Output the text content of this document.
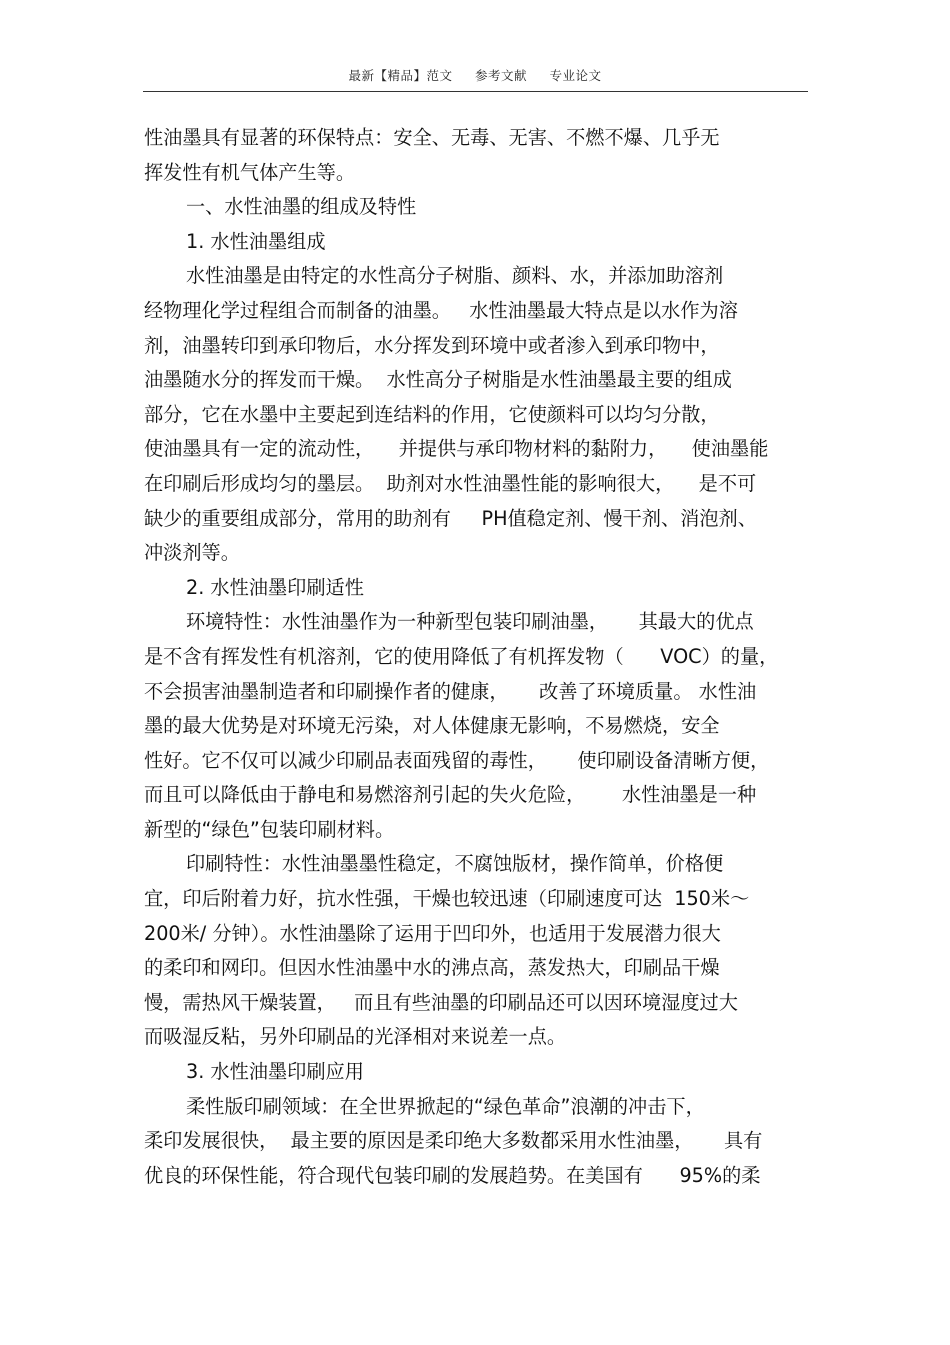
最新【精品】范文 参考文献 专业论文
性油墨具有显著的环保特点：安全、无毒、无害、不燃不爆、几乎无
挥发性有机气体产生等。
一、水性油墨的组成及特性
1. 水性油墨组成
水性油墨是由特定的水性高分子树脂、颜料、水，并添加助溶剂
经物理化学过程组合而制备的油墨。   水性油墨最大特点是以水作为溶
剂，油墨转印到承印物后，水分挥发到环境中或者渗入到承印物中，
油墨随水分的挥发而干燥。  水性高分子树脂是水性油墨最主要的组成
部分，它在水墨中主要起到连结料的作用，它使颜料可以均匀分散，
使油墨具有一定的流动性，    并提供与承印物材料的黏附力，    使油墨能
在印刷后形成均匀的墨层。  助剂对水性油墨性能的影响很大，    是不可
缺少的重要组成部分，常用的助剂有     PH值稳定剂、慢干剂、消泡剂、
冲淡剂等。
2. 水性油墨印刷适性
环境特性：水性油墨作为一种新型包装印刷油墨，     其最大的优点
是不含有挥发性有机溶剂，它的使用降低了有机挥发物（      VOC）的量，
不会损害油墨制造者和印刷操作者的健康，     改善了环境质量。 水性油
墨的最大优势是对环境无污染，对人体健康无影响，不易燃烧，安全
性好。它不仅可以减少印刷品表面残留的毒性，     使印刷设备清晰方便，
而且可以降低由于静电和易燃溶剂引起的失火危险，      水性油墨是一种
新型的“绿色”包装印刷材料。
印刷特性：水性油墨墨性稳定，不腐蚀版材，操作简单，价格便
宜，印后附着力好，抗水性强，干燥也较迅速（印刷速度可达  150米～
200米/ 分钟）。水性油墨除了运用于凹印外，也适用于发展潜力很大
的柔印和网印。但因水性油墨中水的沸点高，蒸发热大，印刷品干燥
慢，需热风干燥装置，   而且有些油墨的印刷品还可以因环境湿度过大
而吸湿反粘，另外印刷品的光泽相对来说差一点。
3. 水性油墨印刷应用
柔性版印刷领域：在全世界掀起的“绿色革命”浪潮的冲击下，
柔印发展很快，  最主要的原因是柔印绝大多数都采用水性油墨，     具有
优良的环保性能，符合现代包装印刷的发展趋势。在美国有      95%的柔
